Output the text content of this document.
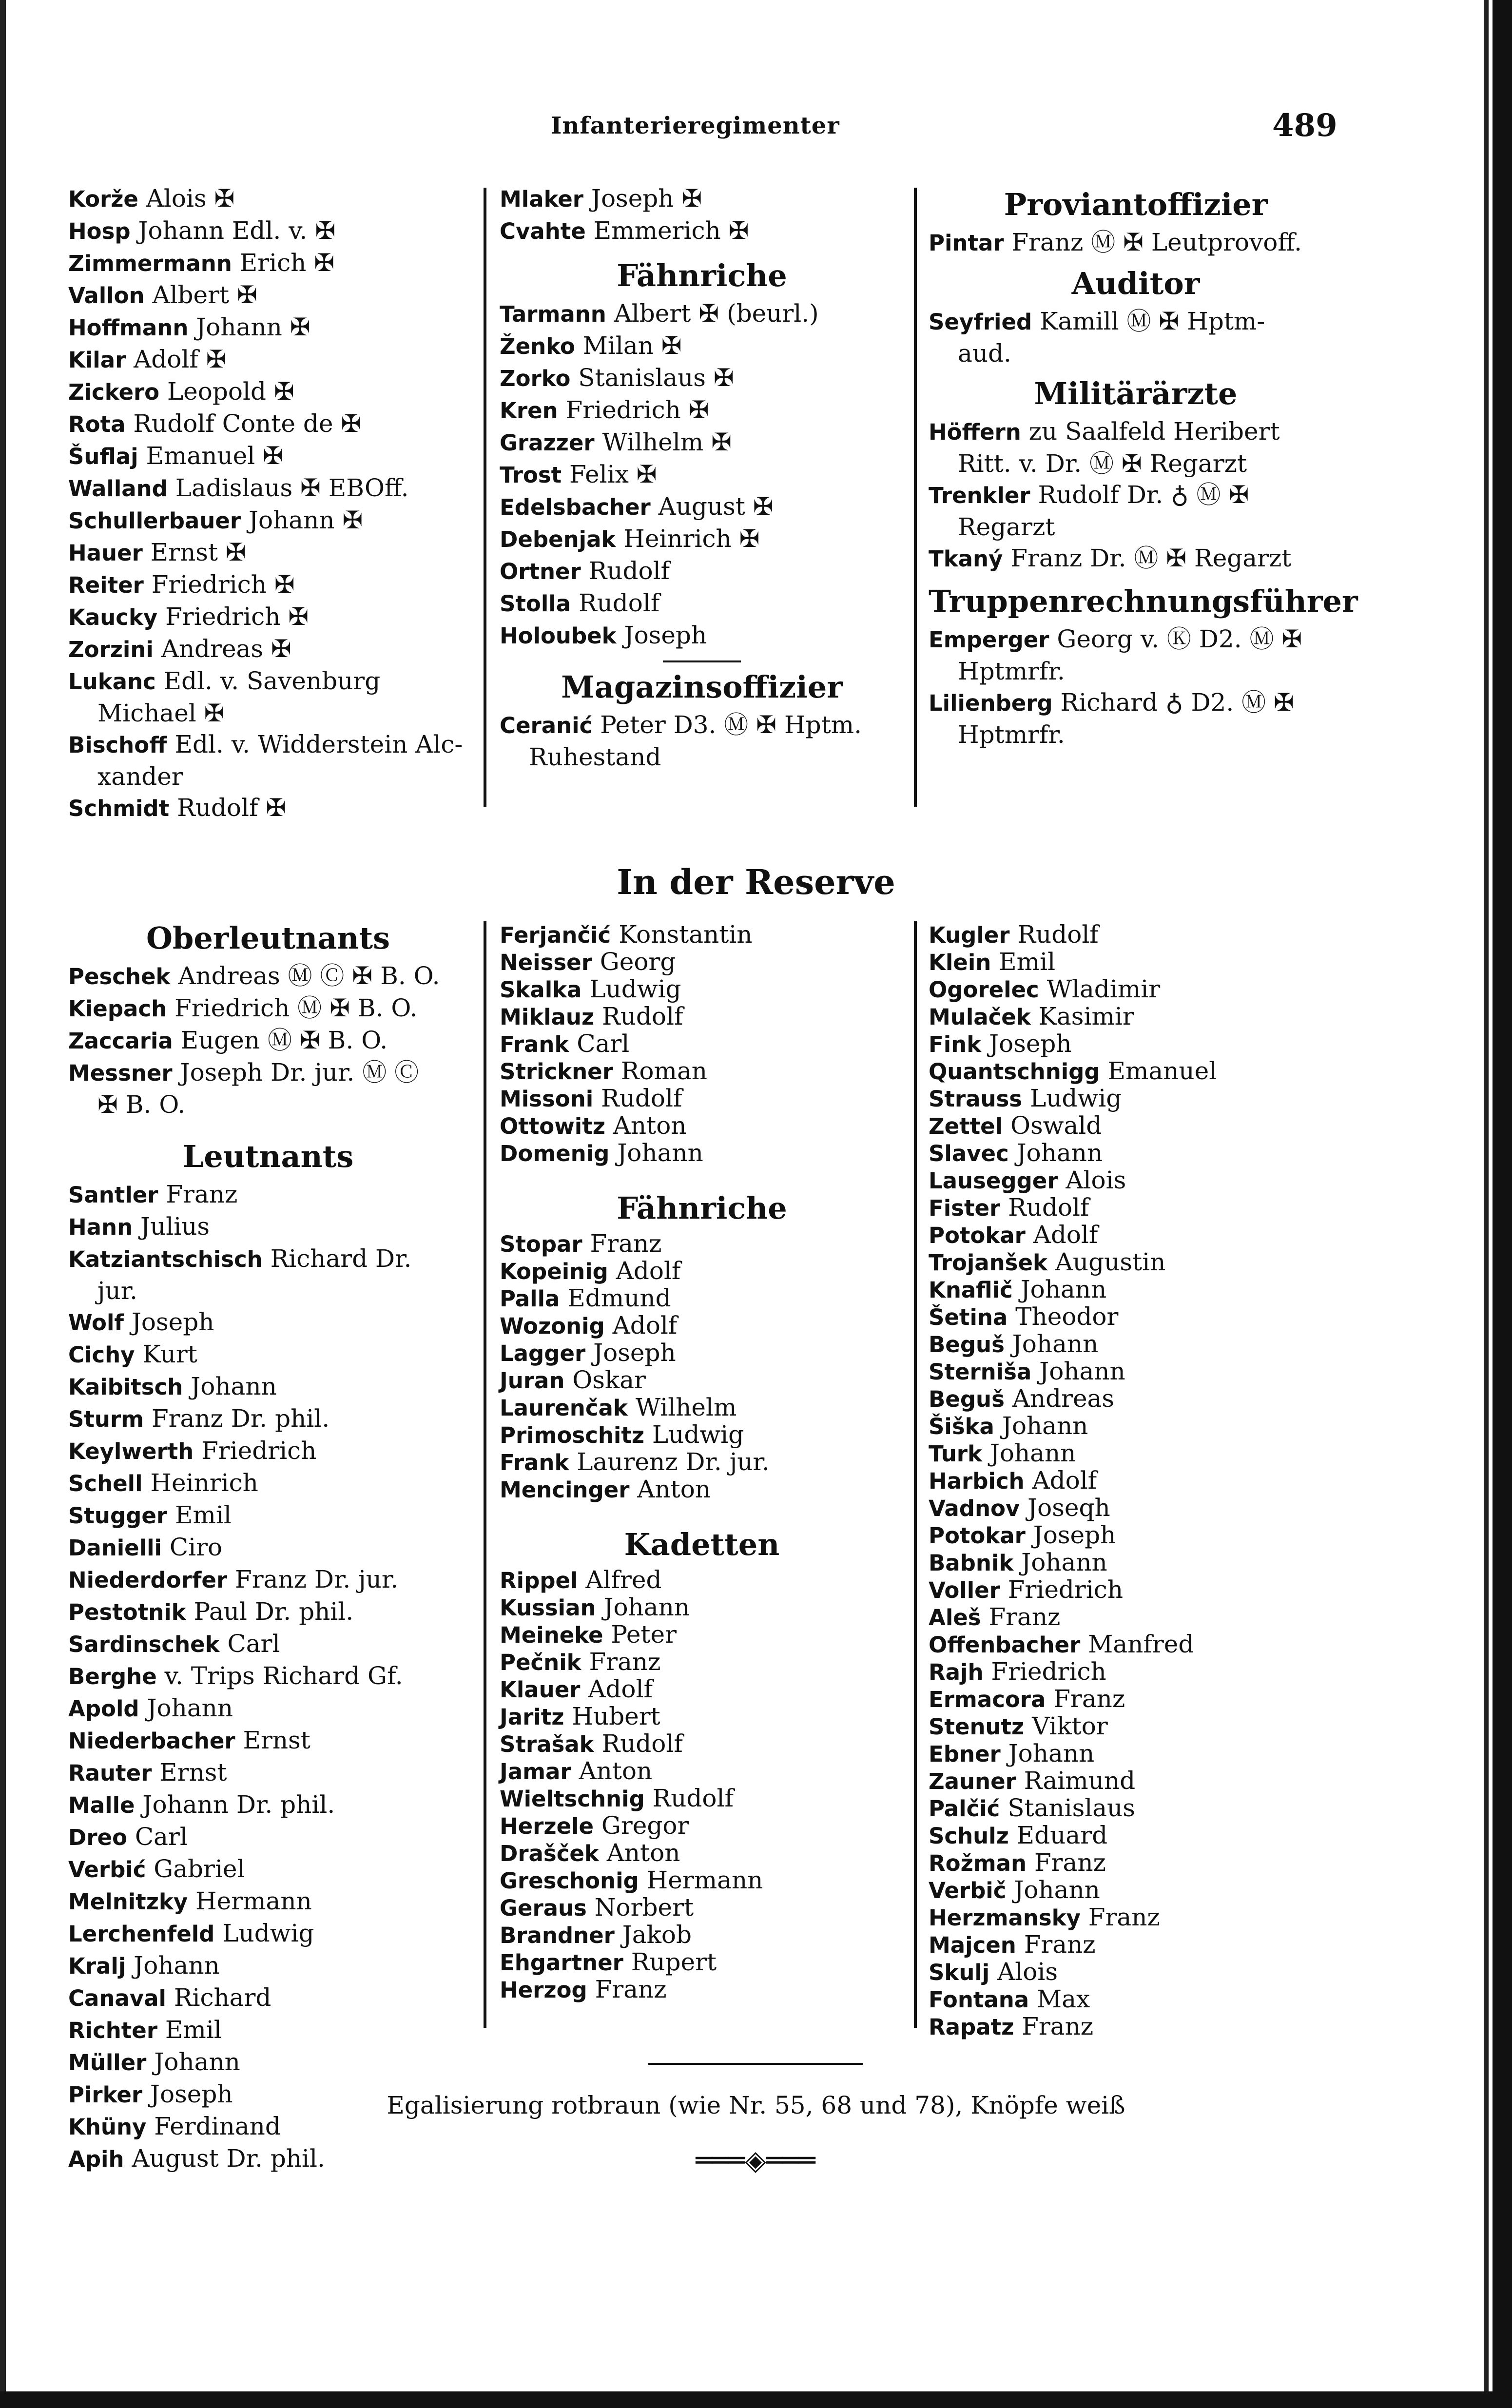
Infanterieregimenter	489
Korže Alois ✠
Hosp Johann Edl. v. ✠
Zimmermann Erich ✠
Vallon Albert ✠
Hoffmann Johann ✠
Kilar Adolf ✠
Zickero Leopold ✠
Rota Rudolf Conte de ✠
Šuflaj Emanuel ✠
Walland Ladislaus ✠ EBOff.
Schullerbauer Johann ✠
Hauer Ernst ✠
Reiter Friedrich ✠
Kaucky Friedrich ✠
Zorzini Andreas ✠
Lukanc Edl. v. Savenburg
Michael ✠
Bischoff Edl. v. Widderstein Alc-
xander
Schmidt Rudolf ✠
Mlaker Joseph ✠
Cvahte Emmerich ✠
Fähnriche
Tarmann Albert ✠ (beurl.)
Ženko Milan ✠
Zorko Stanislaus ✠
Kren Friedrich ✠
Grazzer Wilhelm ✠
Trost Felix ✠
Edelsbacher August ✠
Debenjak Heinrich ✠
Ortner Rudolf
Stolla Rudolf
Holoubek Joseph
Magazinsoffizier
Ceranić Peter D3. Ⓜ ✠ Hptm.
Ruhestand
Proviantoffizier
Pintar Franz Ⓜ ✠ Leutprovoff.
Auditor
Seyfried Kamill Ⓜ ✠ Hptm-
aud.
Militärärzte
Höffern zu Saalfeld Heribert
Ritt. v. Dr. Ⓜ ✠ Regarzt
Trenkler Rudolf Dr. ♁ Ⓜ ✠
Regarzt
Tkaný Franz Dr. Ⓜ ✠ Regarzt
Truppenrechnungsführer
Emperger Georg v. Ⓚ D2. Ⓜ ✠
Hptmrfr.
Lilienberg Richard ♁ D2. Ⓜ ✠
Hptmrfr.
In der Reserve
Oberleutnants
Peschek Andreas Ⓜ Ⓒ ✠ B. O.
Kiepach Friedrich Ⓜ ✠ B. O.
Zaccaria Eugen Ⓜ ✠ B. O.
Messner Joseph Dr. jur. Ⓜ Ⓒ
✠ B. O.
Leutnants
Santler Franz
Hann Julius
Katziantschisch Richard Dr.
jur.
Wolf Joseph
Cichy Kurt
Kaibitsch Johann
Sturm Franz Dr. phil.
Keylwerth Friedrich
Schell Heinrich
Stugger Emil
Danielli Ciro
Niederdorfer Franz Dr. jur.
Pestotnik Paul Dr. phil.
Sardinschek Carl
Berghe v. Trips Richard Gf.
Apold Johann
Niederbacher Ernst
Rauter Ernst
Malle Johann Dr. phil.
Dreo Carl
Verbić Gabriel
Melnitzky Hermann
Lerchenfeld Ludwig
Kralj Johann
Canaval Richard
Richter Emil
Müller Johann
Pirker Joseph
Khüny Ferdinand
Apih August Dr. phil.
Ferjančić Konstantin
Neisser Georg
Skalka Ludwig
Miklauz Rudolf
Frank Carl
Strickner Roman
Missoni Rudolf
Ottowitz Anton
Domenig Johann
Fähnriche
Stopar Franz
Kopeinig Adolf
Palla Edmund
Wozonig Adolf
Lagger Joseph
Juran Oskar
Laurenčak Wilhelm
Primoschitz Ludwig
Frank Laurenz Dr. jur.
Mencinger Anton
Kadetten
Rippel Alfred
Kussian Johann
Meineke Peter
Pečnik Franz
Klauer Adolf
Jaritz Hubert
Strašak Rudolf
Jamar Anton
Wieltschnig Rudolf
Herzele Gregor
Drašček Anton
Greschonig Hermann
Geraus Norbert
Brandner Jakob
Ehgartner Rupert
Herzog Franz
Kugler Rudolf
Klein Emil
Ogorelec Wladimir
Mulaček Kasimir
Fink Joseph
Quantschnigg Emanuel
Strauss Ludwig
Zettel Oswald
Slavec Johann
Lausegger Alois
Fister Rudolf
Potokar Adolf
Trojanšek Augustin
Knaflič Johann
Šetina Theodor
Beguš Johann
Sterniša Johann
Beguš Andreas
Šiška Johann
Turk Johann
Harbich Adolf
Vadnov Joseqh
Potokar Joseph
Babnik Johann
Voller Friedrich
Aleš Franz
Offenbacher Manfred
Rajh Friedrich
Ermacora Franz
Stenutz Viktor
Ebner Johann
Zauner Raimund
Palčić Stanislaus
Schulz Eduard
Rožman Franz
Verbič Johann
Herzmansky Franz
Majcen Franz
Skulj Alois
Fontana Max
Rapatz Franz
Egalisierung rotbraun (wie Nr. 55, 68 und 78), Knöpfe weiß
═══◈═══
